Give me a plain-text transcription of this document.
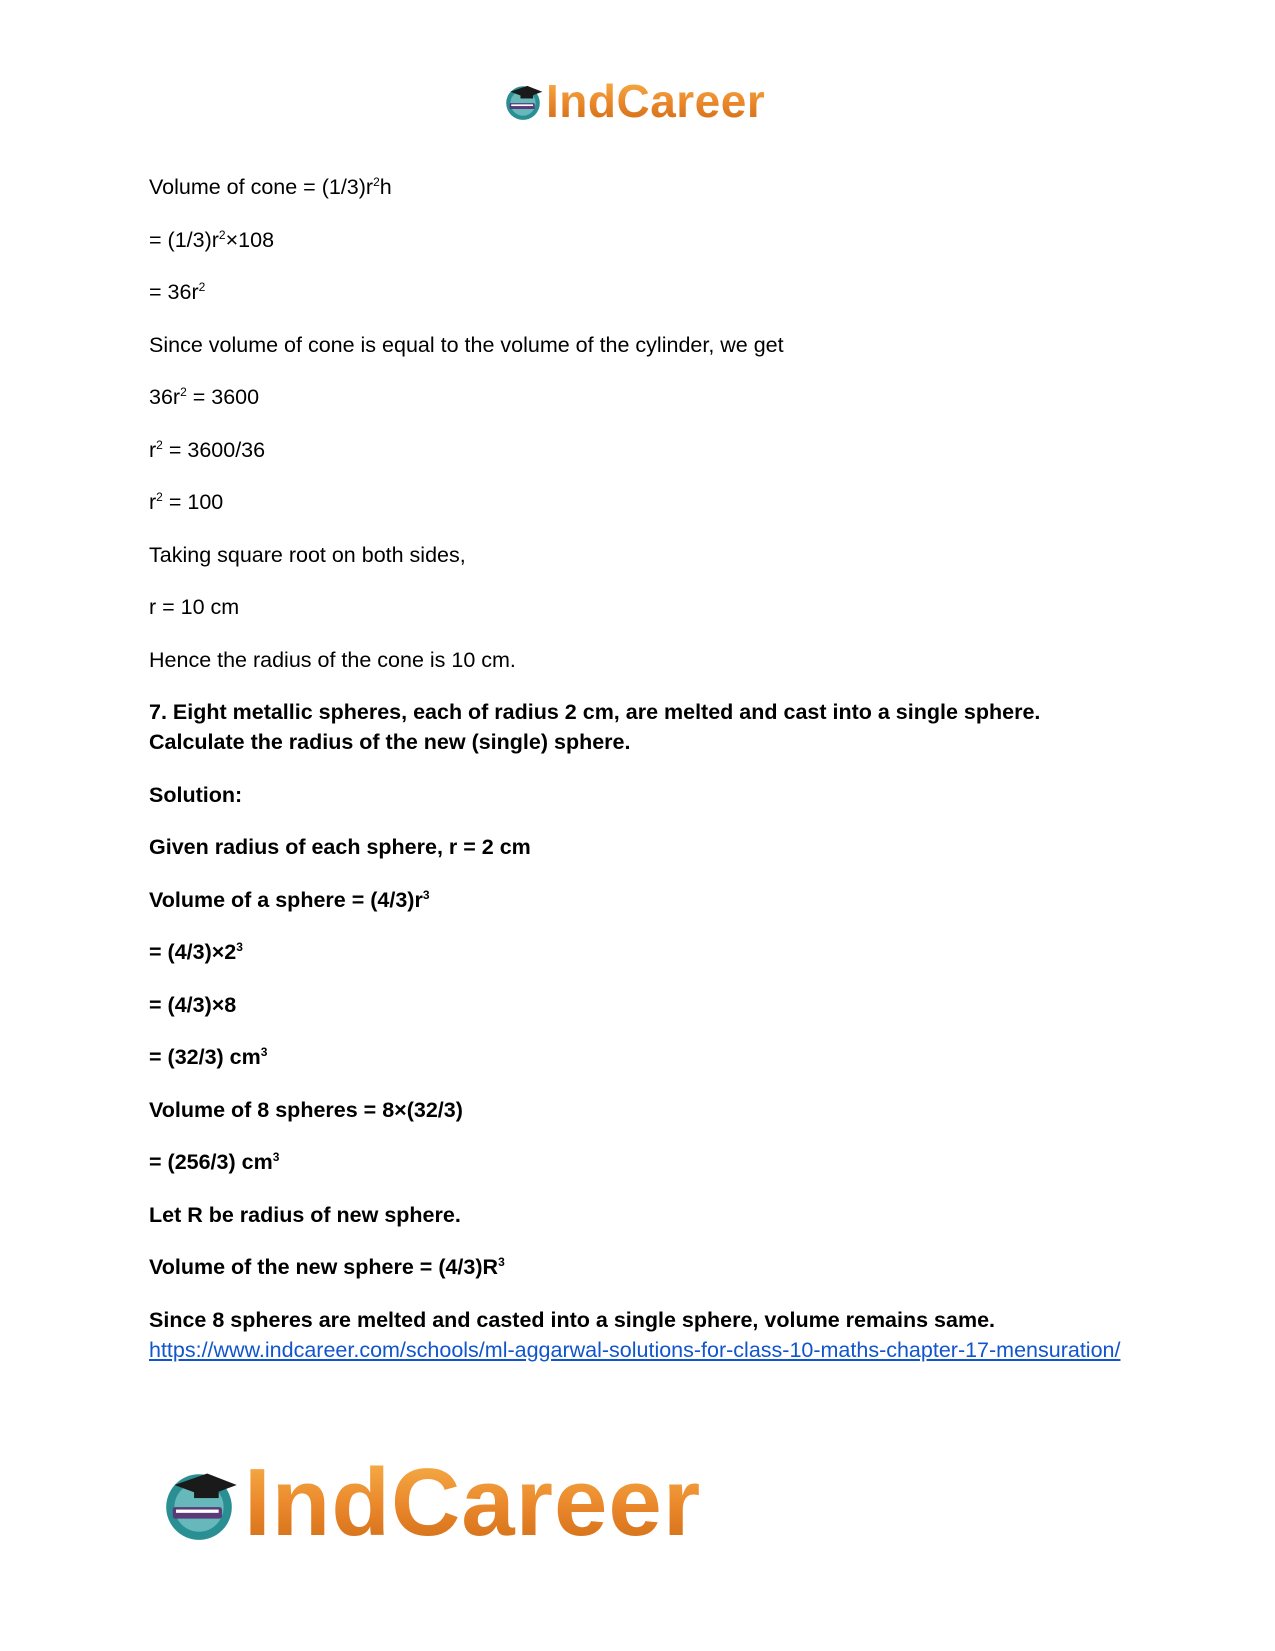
IndCareer
Volume of cone = $(1/3)r^2h$
= $(1/3)r^2\times 108$
= $36r^2$
Since volume of cone is equal to the volume of the cylinder, we get
$36r^2 = 3600$
$r^2 = 3600/36$
$r^2 = 100$
Taking square root on both sides,
r = 10 cm
Hence the radius of the cone is 10 cm.
7. Eight metallic spheres, each of radius 2 cm, are melted and cast into a single sphere. Calculate the radius of the new (single) sphere.
Solution:
Given radius of each sphere, r = 2 cm
Volume of a sphere = $(4/3)r^3$
= $(4/3)\times 2^3$
= (4/3)×8
= (32/3) $cm^3$
Volume of 8 spheres = 8×(32/3)
= (256/3) $cm^3$
Let R be radius of new sphere.
Volume of the new sphere = $(4/3)R^3$
Since 8 spheres are melted and casted into a single sphere, volume remains same.
https://www.indcareer.com/schools/ml-aggarwal-solutions-for-class-10-maths-chapter-17-mensuration/
IndCareer
